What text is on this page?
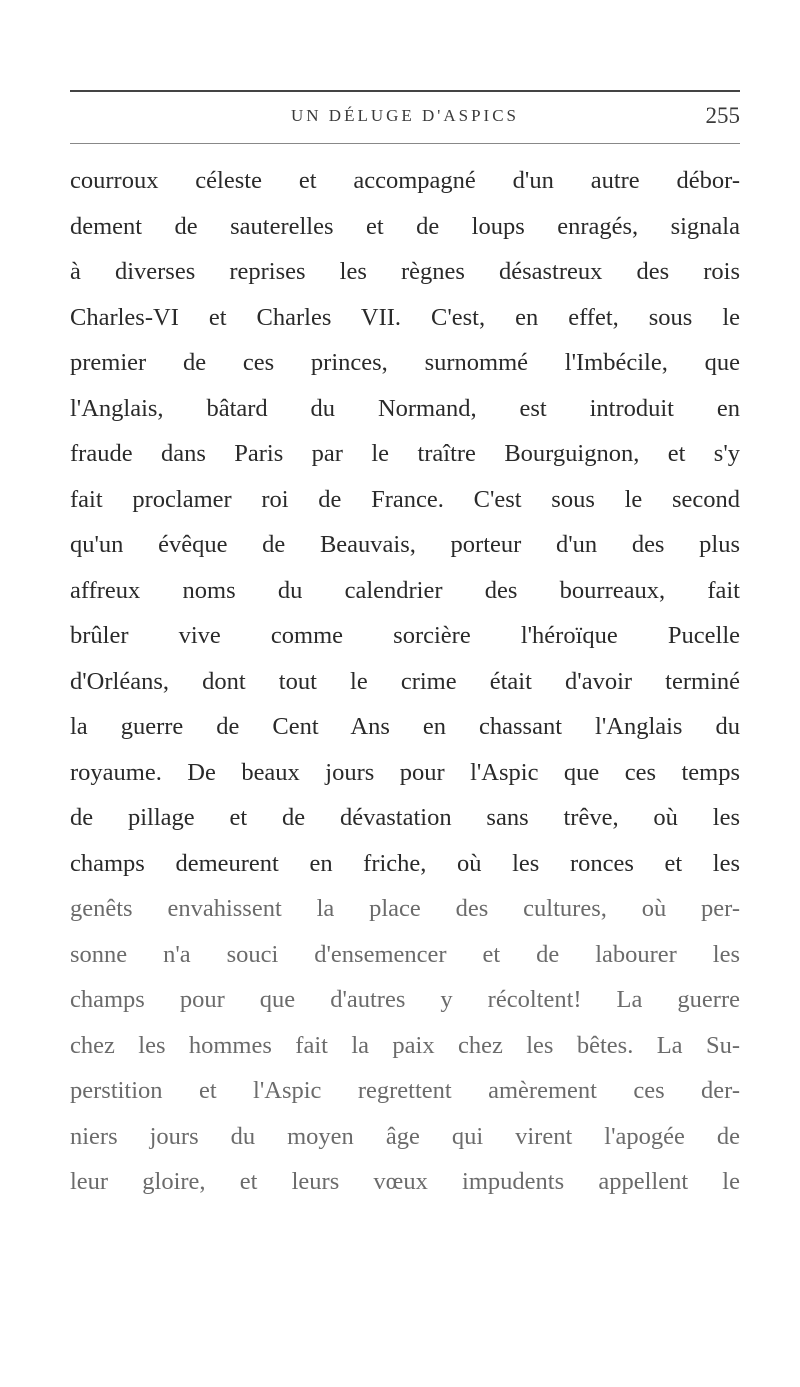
UN DÉLUGE D'ASPICS	255
courroux céleste et accompagné d'un autre débor-
dement de sauterelles et de loups enragés, signala
à diverses reprises les règnes désastreux des rois
Charles-VI et Charles VII. C'est, en effet, sous le
premier de ces princes, surnommé l'Imbécile, que
l'Anglais, bâtard du Normand, est introduit en
fraude dans Paris par le traître Bourguignon, et s'y
fait proclamer roi de France. C'est sous le second
qu'un évêque de Beauvais, porteur d'un des plus
affreux noms du calendrier des bourreaux, fait
brûler vive comme sorcière l'héroïque Pucelle
d'Orléans, dont tout le crime était d'avoir terminé
la guerre de Cent Ans en chassant l'Anglais du
royaume. De beaux jours pour l'Aspic que ces temps
de pillage et de dévastation sans trêve, où les
champs demeurent en friche, où les ronces et les
genêts envahissent la place des cultures, où per-
sonne n'a souci d'ensemencer et de labourer les
champs pour que d'autres y récoltent! La guerre
chez les hommes fait la paix chez les bêtes. La Su-
perstition et l'Aspic regrettent amèrement ces der-
niers jours du moyen âge qui virent l'apogée de
leur gloire, et leurs vœux impudents appellent le
